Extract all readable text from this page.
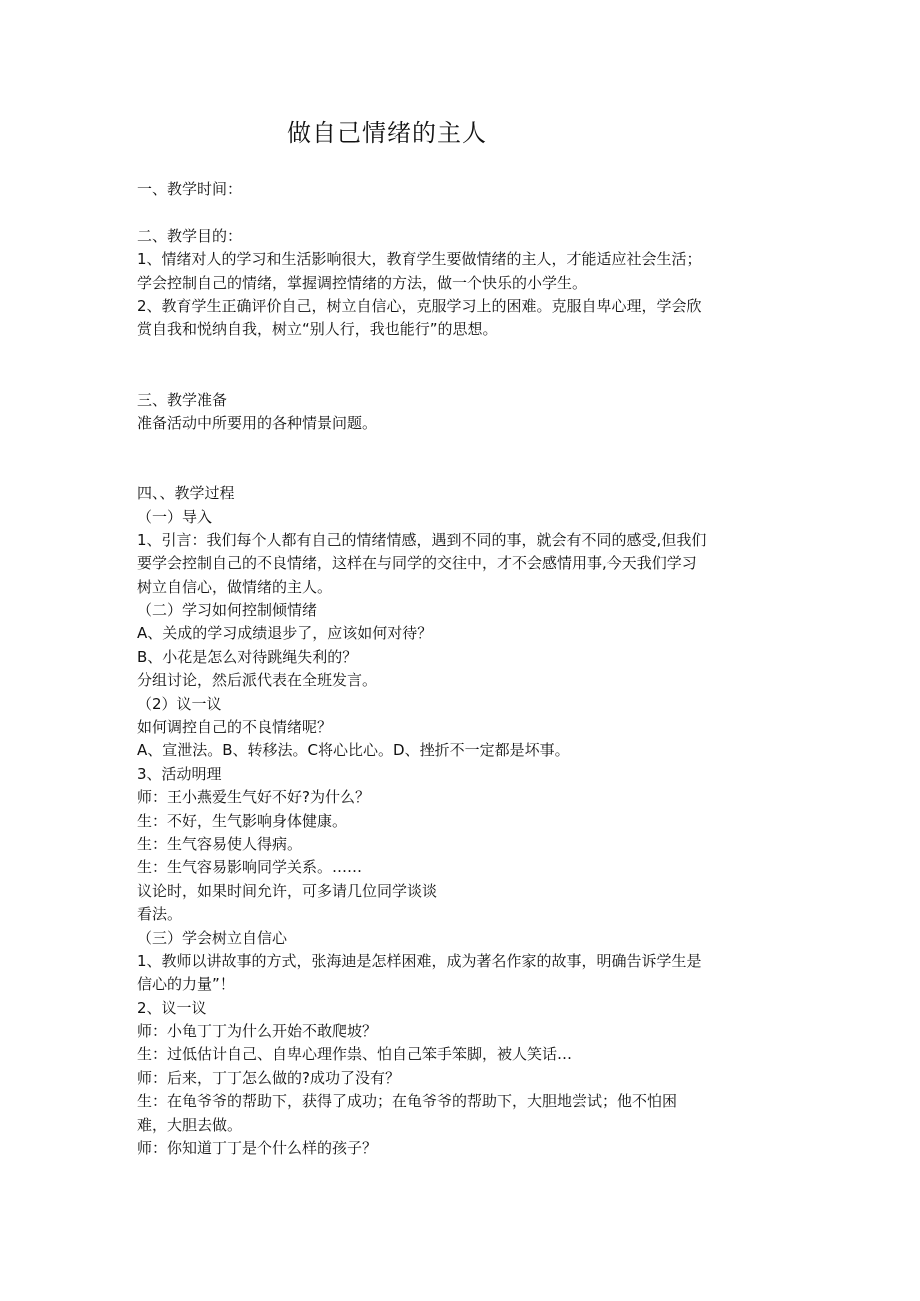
做自己情绪的主人
一、教学时间：
二、教学目的：
1、情绪对人的学习和生活影响很大，教育学生要做情绪的主人，才能适应社会生活；
学会控制自己的情绪，掌握调控情绪的方法，做一个快乐的小学生。
2、教育学生正确评价自己，树立自信心，克服学习上的困难。克服自卑心理，学会欣
赏自我和悦纳自我，树立“别人行，我也能行”的思想。
三、教学准备
准备活动中所要用的各种情景问题。
四、、教学过程
（一）导入
1、引言：我们每个人都有自己的情绪情感，遇到不同的事，就会有不同的感受,但我们
要学会控制自己的不良情绪，这样在与同学的交往中，才不会感情用事,今天我们学习
树立自信心，做情绪的主人。
（二）学习如何控制倾情绪
A、关成的学习成绩退步了，应该如何对待？
B、小花是怎么对待跳绳失利的？
分组讨论，然后派代表在全班发言。
（2）议一议
如何调控自己的不良情绪呢？
A、宣泄法。B、转移法。C将心比心。D、挫折不一定都是坏事。
3、活动明理
师：王小燕爱生气好不好?为什么？
生：不好，生气影响身体健康。
生：生气容易使人得病。
生：生气容易影响同学关系。……
议论时，如果时间允许，可多请几位同学谈谈
看法。
（三）学会树立自信心
1、教师以讲故事的方式，张海迪是怎样困难，成为著名作家的故事，明确告诉学生是
信心的力量”！
2、议一议
师：小龟丁丁为什么开始不敢爬坡？
生：过低估计自己、自卑心理作祟、怕自己笨手笨脚，被人笑话…
师：后来，丁丁怎么做的?成功了没有？
生：在龟爷爷的帮助下，获得了成功；在龟爷爷的帮助下，大胆地尝试；他不怕困
难，大胆去做。
师：你知道丁丁是个什么样的孩子？
